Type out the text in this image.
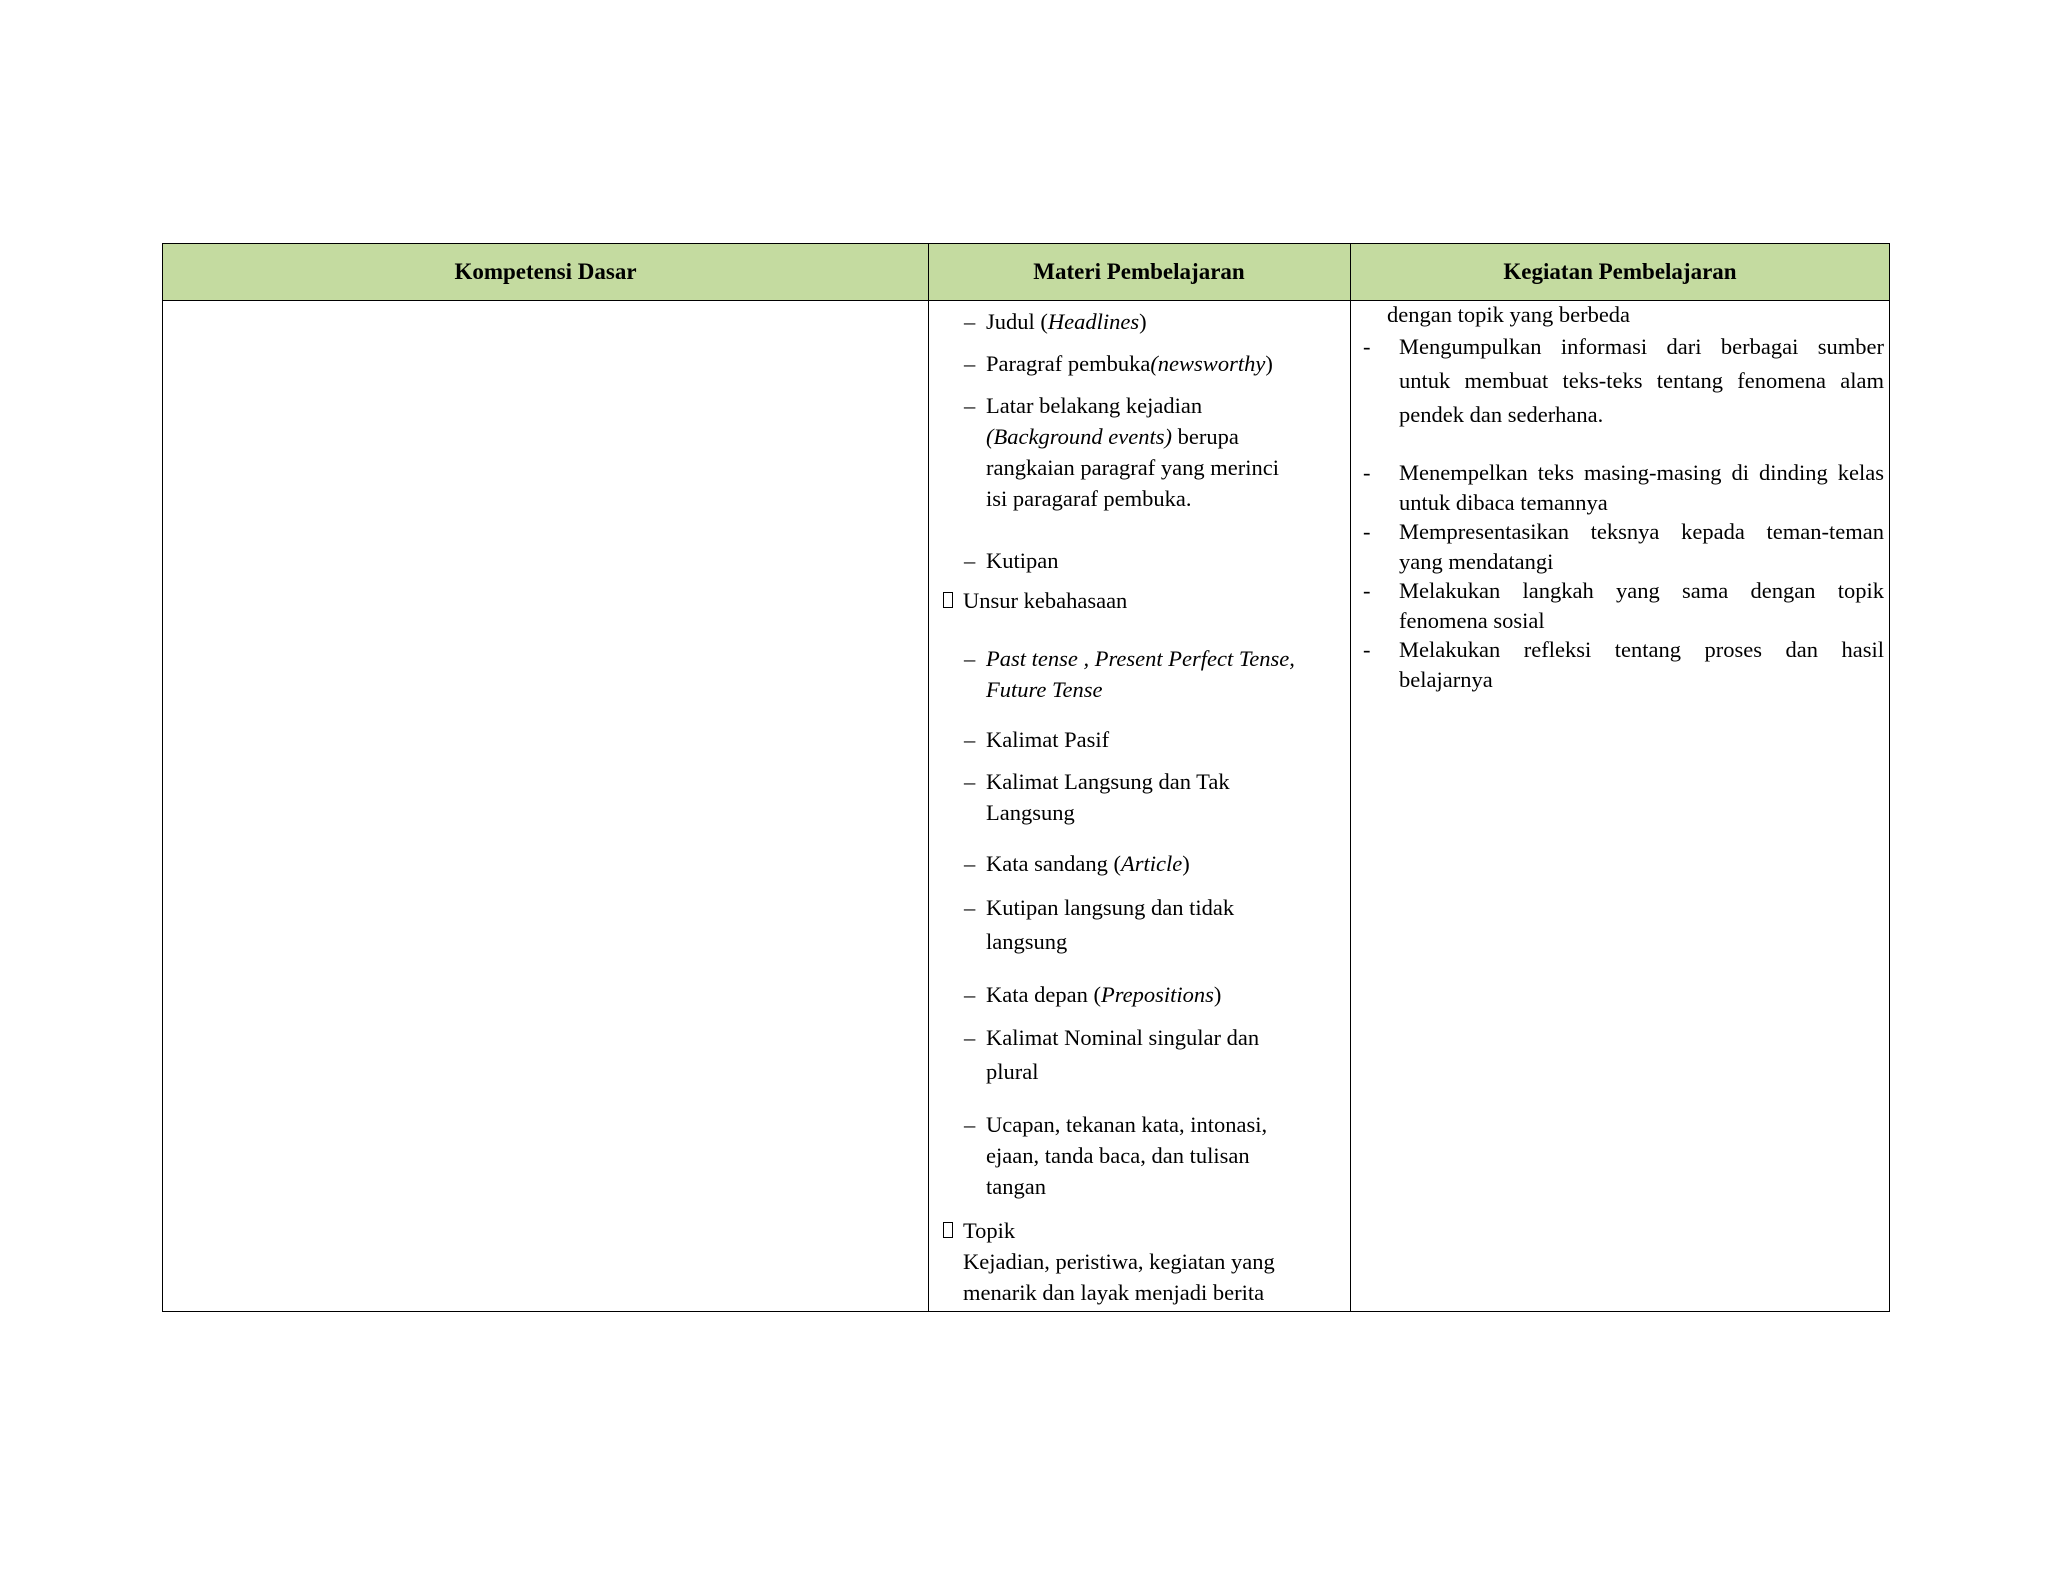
Kompetensi Dasar	Materi Pembelajaran	Kegiatan Pembelajaran
– Judul (Headlines)
– Paragraf pembuka(newsworthy)
– Latar belakang kejadian
(Background events) berupa
rangkaian paragraf yang merinci
isi paragaraf pembuka.
– Kutipan
Unsur kebahasaan
– Past tense , Present Perfect Tense,
Future Tense
– Kalimat Pasif
– Kalimat Langsung dan Tak
Langsung
– Kata sandang (Article)
– Kutipan langsung dan tidak
langsung
– Kata depan (Prepositions)
– Kalimat Nominal singular dan
plural
– Ucapan, tekanan kata, intonasi,
ejaan, tanda baca, dan tulisan
tangan
Topik
Kejadian, peristiwa, kegiatan yang
menarik dan layak menjadi berita
dengan topik yang berbeda
- Mengumpulkan informasi dari berbagai sumber untuk membuat teks-teks tentang fenomena alam pendek dan sederhana.
- Menempelkan teks masing-masing di dinding kelas untuk dibaca temannya
- Mempresentasikan teksnya kepada teman-teman yang mendatangi
- Melakukan langkah yang sama dengan topik fenomena sosial
- Melakukan refleksi tentang proses dan hasil belajarnya
